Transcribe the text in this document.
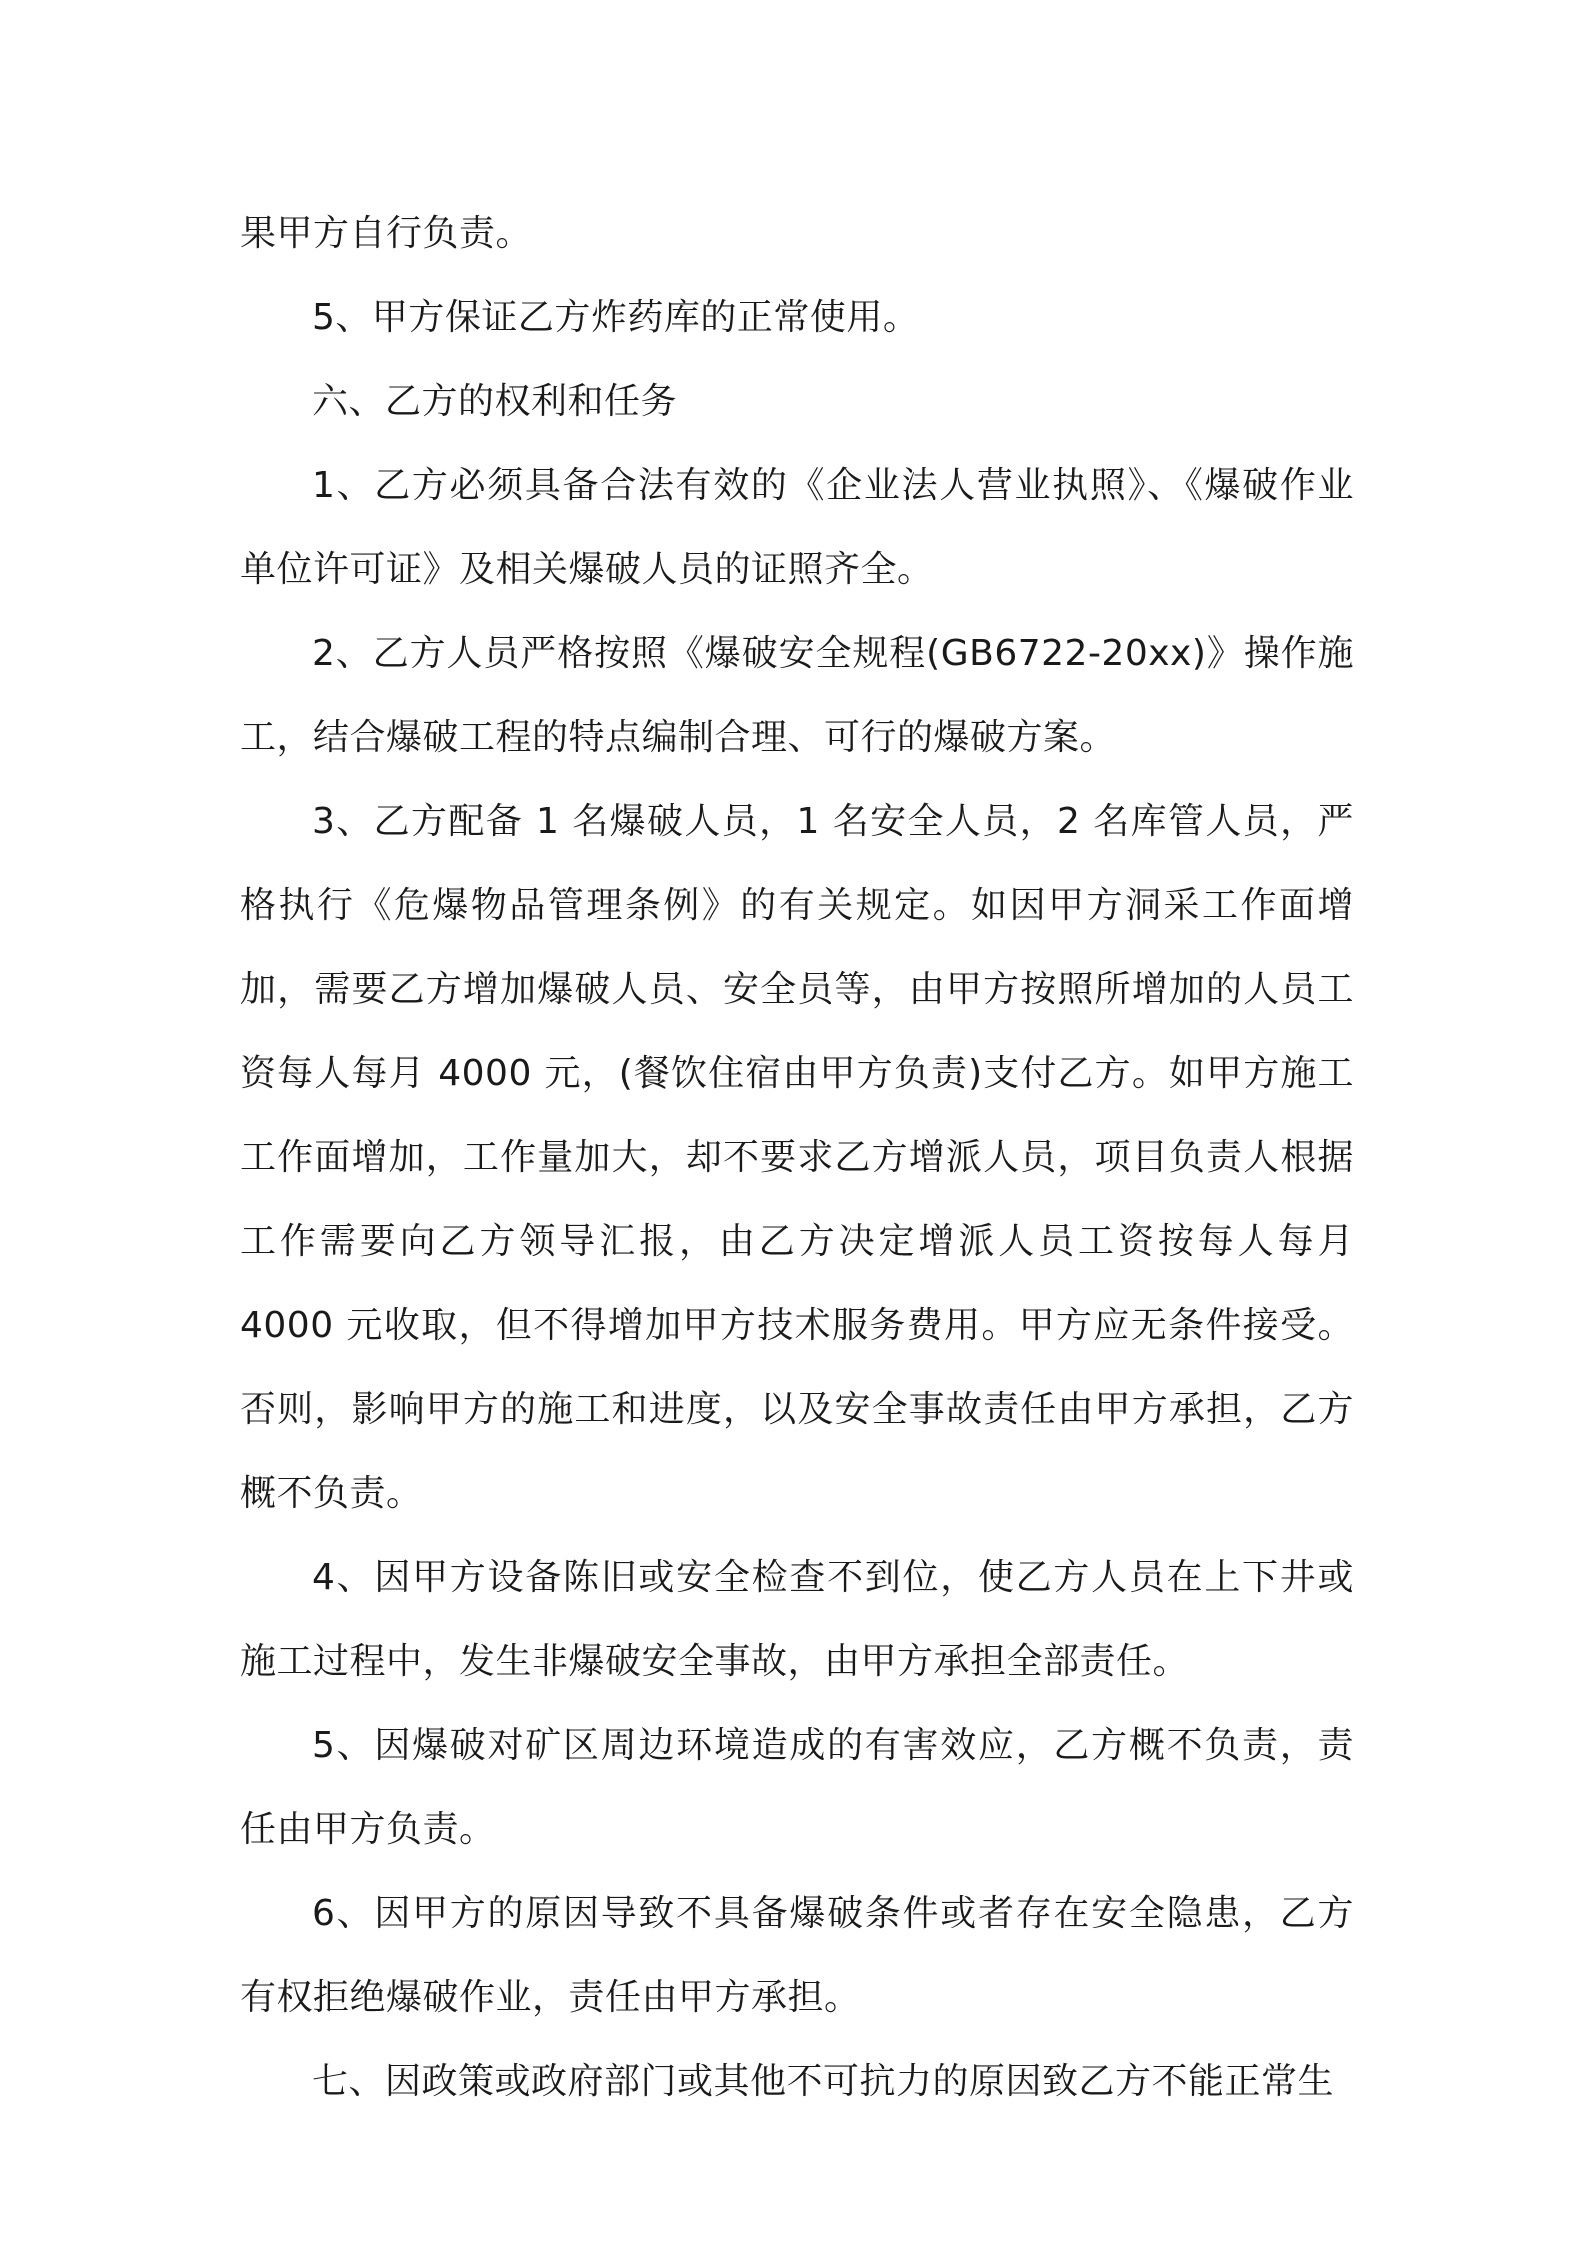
果甲方自行负责。

5、甲方保证乙方炸药库的正常使用。

六、乙方的权利和任务

1、乙方必须具备合法有效的《企业法人营业执照》、《爆破作业单位许可证》及相关爆破人员的证照齐全。

2、乙方人员严格按照《爆破安全规程(GB6722-20xx)》操作施工，结合爆破工程的特点编制合理、可行的爆破方案。

3、乙方配备 1 名爆破人员，1 名安全人员，2 名库管人员，严格执行《危爆物品管理条例》的有关规定。如因甲方洞采工作面增加，需要乙方增加爆破人员、安全员等，由甲方按照所增加的人员工资每人每月 4000 元，(餐饮住宿由甲方负责)支付乙方。如甲方施工工作面增加，工作量加大，却不要求乙方增派人员，项目负责人根据工作需要向乙方领导汇报，由乙方决定增派人员工资按每人每月 4000 元收取，但不得增加甲方技术服务费用。甲方应无条件接受。否则，影响甲方的施工和进度，以及安全事故责任由甲方承担，乙方概不负责。

4、因甲方设备陈旧或安全检查不到位，使乙方人员在上下井或施工过程中，发生非爆破安全事故，由甲方承担全部责任。

5、因爆破对矿区周边环境造成的有害效应，乙方概不负责，责任由甲方负责。

6、因甲方的原因导致不具备爆破条件或者存在安全隐患，乙方有权拒绝爆破作业，责任由甲方承担。

七、因政策或政府部门或其他不可抗力的原因致乙方不能正常生
